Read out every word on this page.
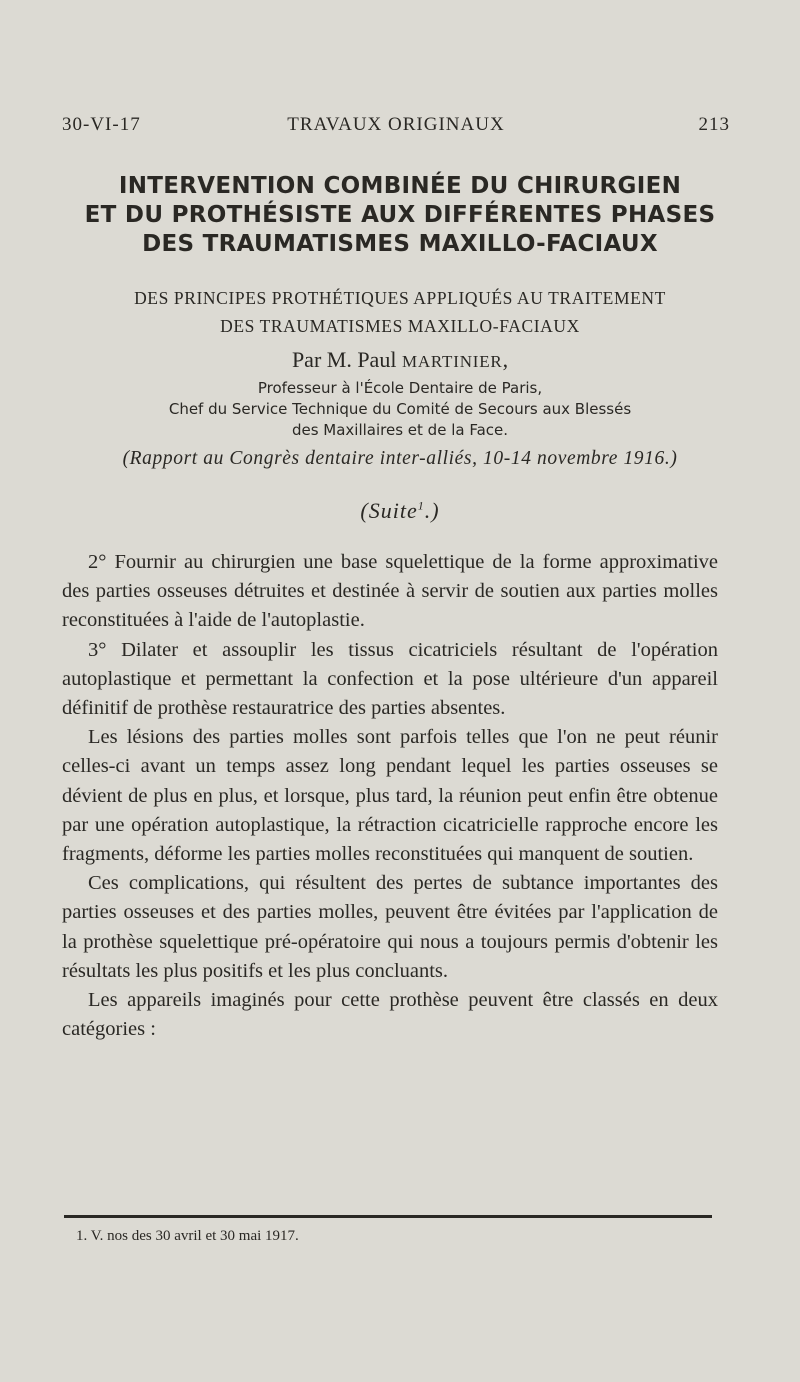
30-VI-17	TRAVAUX ORIGINAUX	213
INTERVENTION COMBINÉE DU CHIRURGIEN
ET DU PROTHÉSISTE AUX DIFFÉRENTES PHASES
DES TRAUMATISMES MAXILLO-FACIAUX
DES PRINCIPES PROTHÉTIQUES APPLIQUÉS AU TRAITEMENT
DES TRAUMATISMES MAXILLO-FACIAUX
Par M. Paul MARTINIER,
Professeur à l'École Dentaire de Paris,
Chef du Service Technique du Comité de Secours aux Blessés
des Maxillaires et de la Face.
(Rapport au Congrès dentaire inter-alliés, 10-14 novembre 1916.)
(Suite$^1$.)

2° Fournir au chirurgien une base squelettique de la forme approximative des parties osseuses détruites et destinée à servir de soutien aux parties molles reconstituées à l'aide de l'autoplastie.

3° Dilater et assouplir les tissus cicatriciels résultant de l'opération autoplastique et permettant la confection et la pose ultérieure d'un appareil définitif de prothèse restauratrice des parties absentes.

Les lésions des parties molles sont parfois telles que l'on ne peut réunir celles-ci avant un temps assez long pendant lequel les parties osseuses se dévient de plus en plus, et lorsque, plus tard, la réunion peut enfin être obtenue par une opération autoplastique, la rétraction cicatricielle rapproche encore les fragments, déforme les parties molles reconstituées qui manquent de soutien.

Ces complications, qui résultent des pertes de subtance importantes des parties osseuses et des parties molles, peuvent être évitées par l'application de la prothèse squelettique pré-opératoire qui nous a toujours permis d'obtenir les résultats les plus positifs et les plus concluants.

Les appareils imaginés pour cette prothèse peuvent être classés en deux catégories :

1. V. nos des 30 avril et 30 mai 1917.
